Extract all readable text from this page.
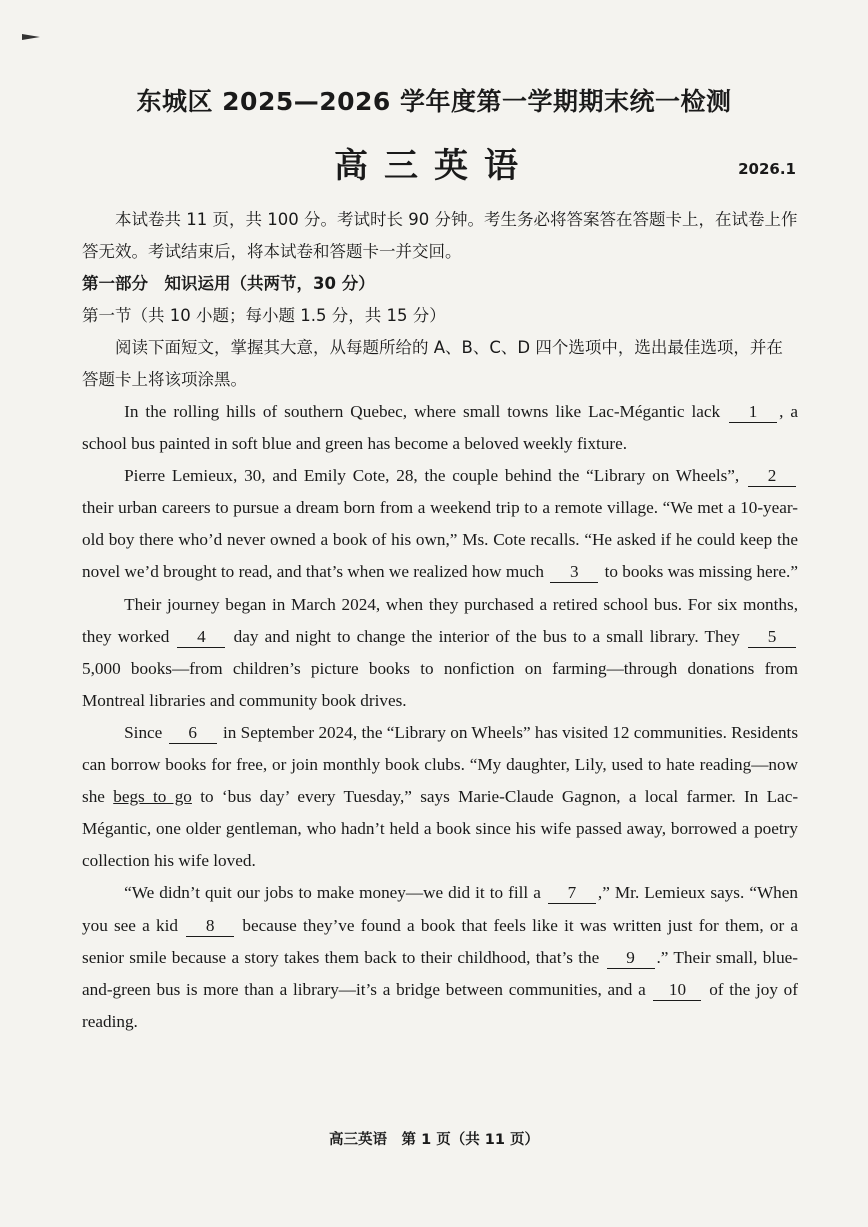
东城区 2025—2026 学年度第一学期期末统一检测
高三英语	2026.1

本试卷共 11 页，共 100 分。考试时长 90 分钟。考生务必将答案答在答题卡上，在试卷上作答无效。考试结束后，将本试卷和答题卡一并交回。

第一部分　知识运用（共两节，30 分）

第一节（共 10 小题；每小题 1.5 分，共 15 分）

阅读下面短文，掌握其大意，从每题所给的 A、B、C、D 四个选项中，选出最佳选项，并在答题卡上将该项涂黑。

In the rolling hills of southern Quebec, where small towns like Lac-Mégantic lack 1 , a school bus painted in soft blue and green has become a beloved weekly fixture.

Pierre Lemieux, 30, and Emily Cote, 28, the couple behind the “Library on Wheels”, 2 their urban careers to pursue a dream born from a weekend trip to a remote village. “We met a 10-year-old boy there who’d never owned a book of his own,” Ms. Cote recalls. “He asked if he could keep the novel we’d brought to read, and that’s when we realized how much 3 to books was missing here.”

Their journey began in March 2024, when they purchased a retired school bus. For six months, they worked 4 day and night to change the interior of the bus to a small library. They 5 5,000 books—from children’s picture books to nonfiction on farming—through donations from Montreal libraries and community book drives.

Since 6 in September 2024, the “Library on Wheels” has visited 12 communities. Residents can borrow books for free, or join monthly book clubs. “My daughter, Lily, used to hate reading—now she begs to go to ‘bus day’ every Tuesday,” says Marie-Claude Gagnon, a local farmer. In Lac-Mégantic, one older gentleman, who hadn’t held a book since his wife passed away, borrowed a poetry collection his wife loved.

“We didn’t quit our jobs to make money—we did it to fill a 7 ,” Mr. Lemieux says. “When you see a kid 8 because they’ve found a book that feels like it was written just for them, or a senior smile because a story takes them back to their childhood, that’s the 9 .” Their small, blue-and-green bus is more than a library—it’s a bridge between communities, and a 10 of the joy of reading.

高三英语　第 1 页（共 11 页）
